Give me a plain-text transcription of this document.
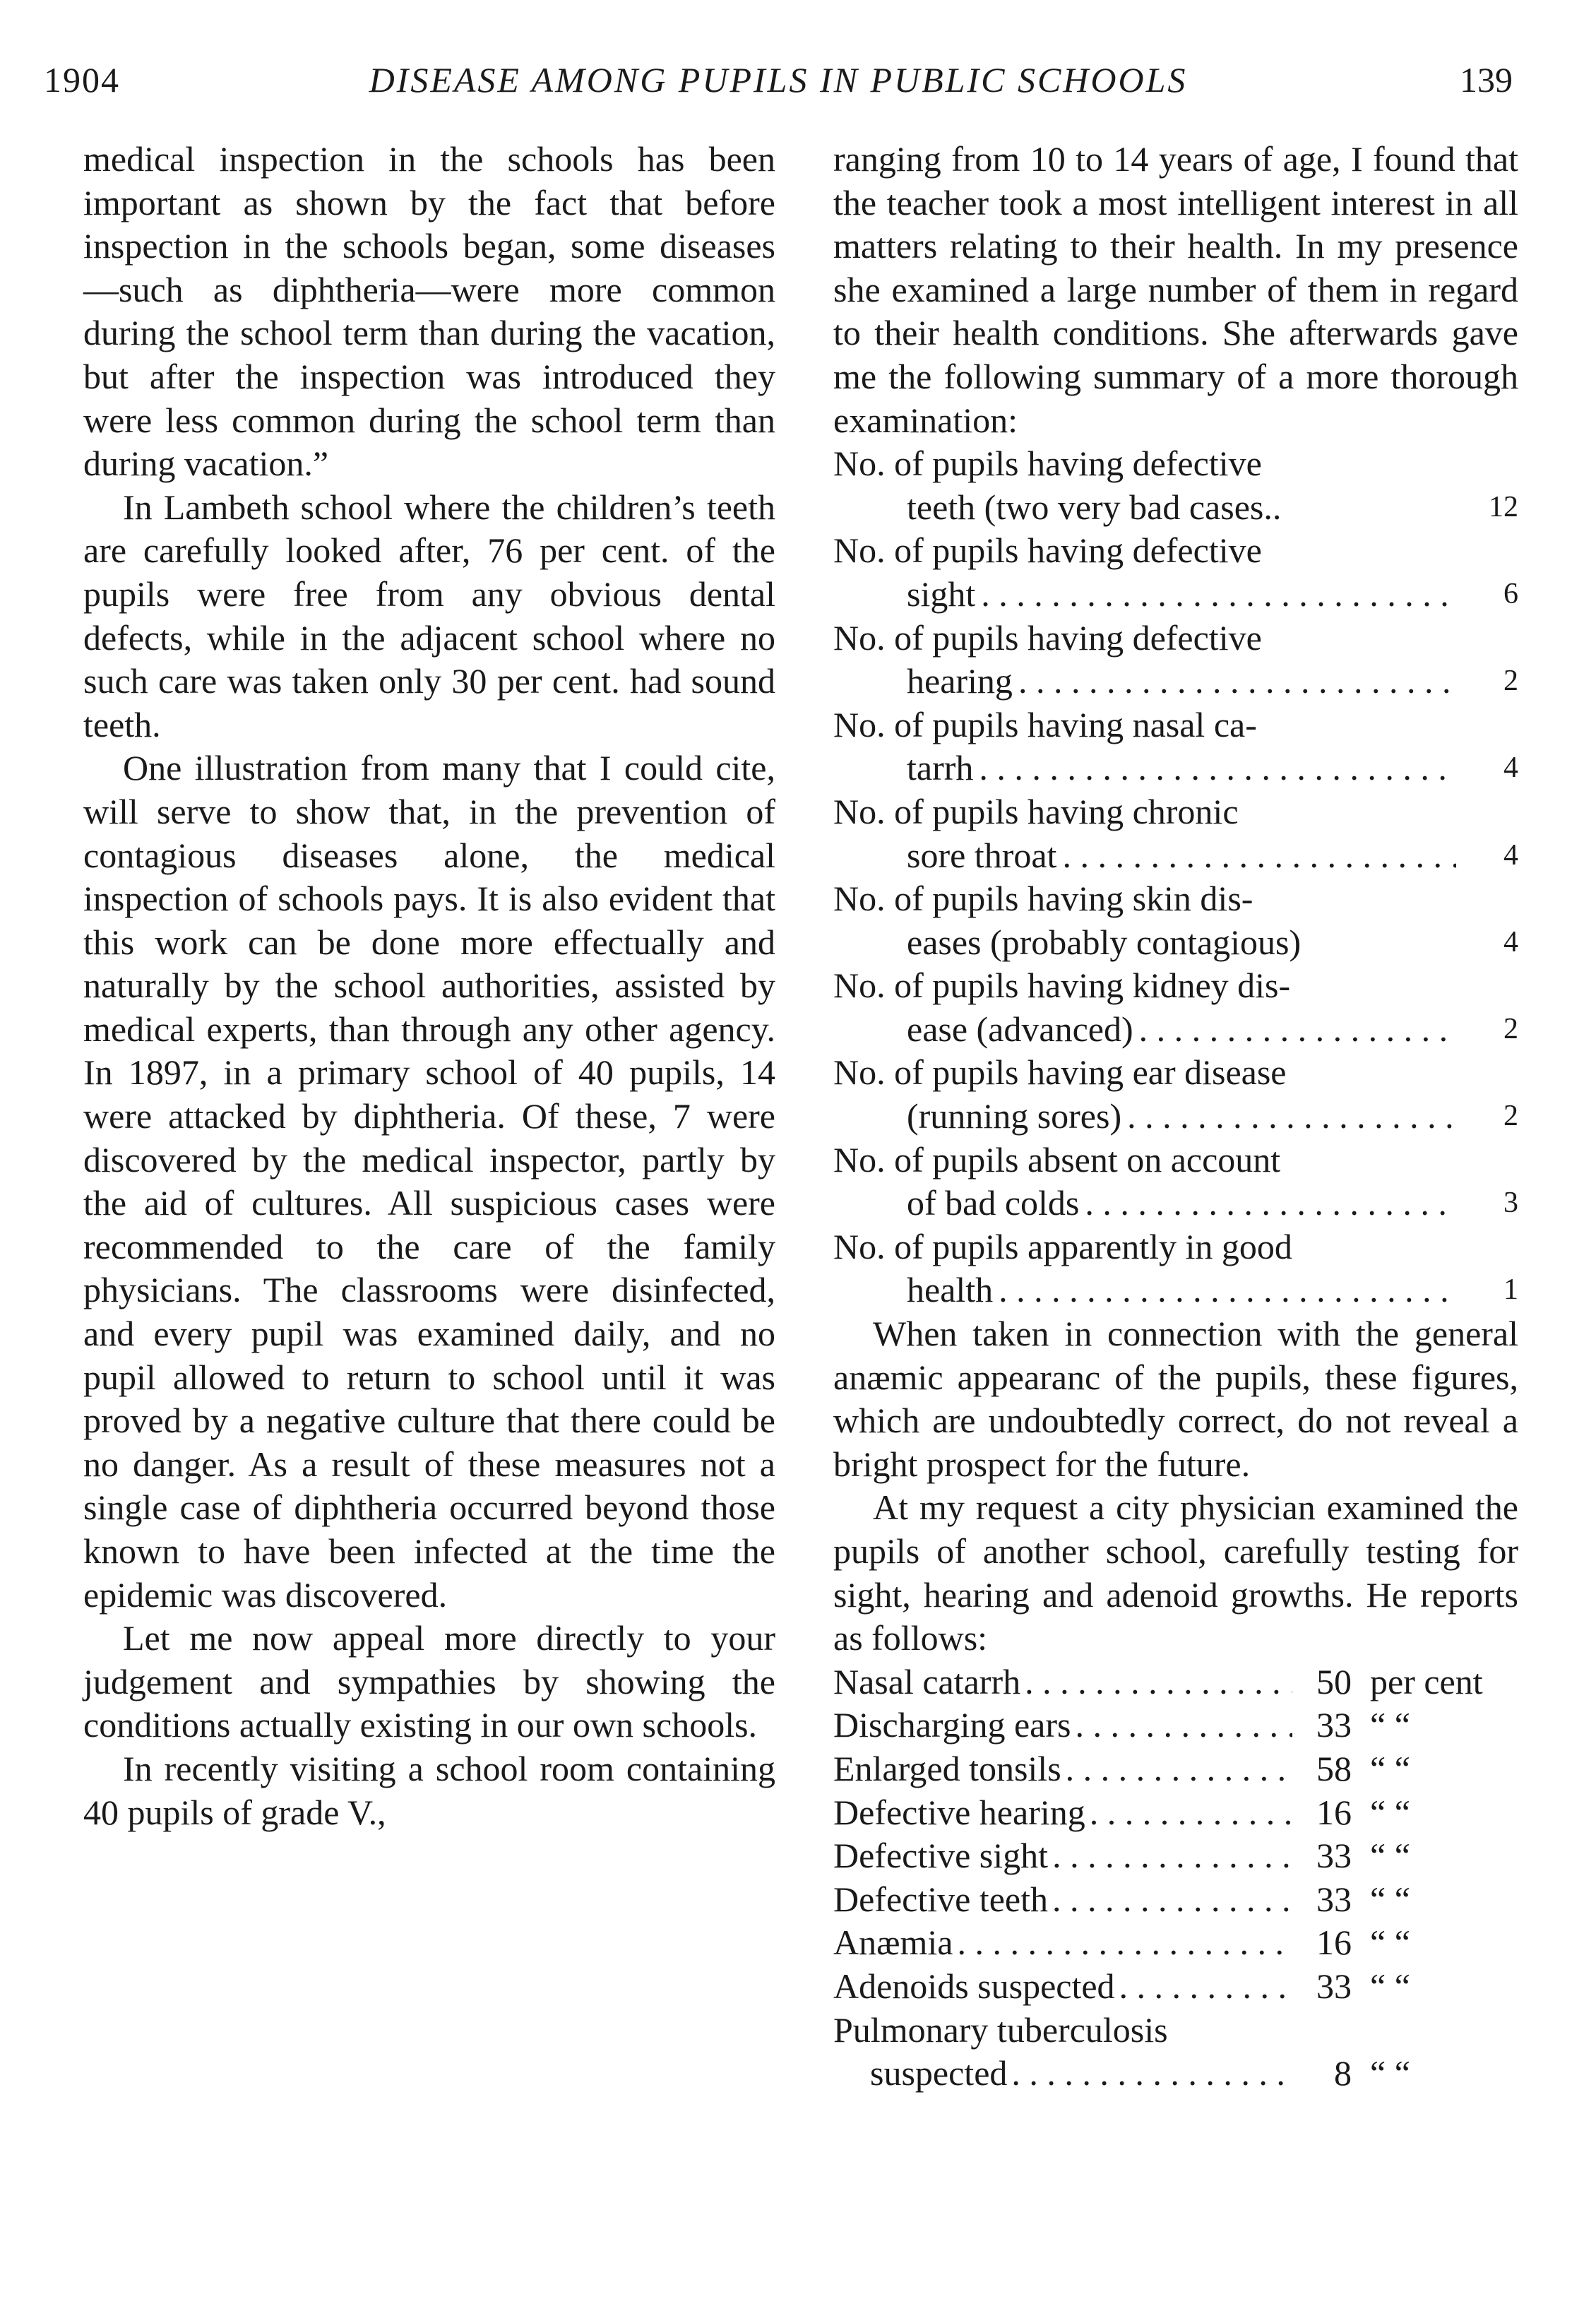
1904	DISEASE AMONG PUPILS IN PUBLIC SCHOOLS	139

medical inspection in the schools has been important as shown by the fact that before inspection in the schools began, some diseases—such as diphtheria—were more common during the school term than during the vacation, but after the inspection was introduced they were less common during the school term than during vacation.”

In Lambeth school where the children’s teeth are carefully looked after, 76 per cent. of the pupils were free from any obvious dental defects, while in the adjacent school where no such care was taken only 30 per cent. had sound teeth.

One illustration from many that I could cite, will serve to show that, in the prevention of contagious diseases alone, the medical inspection of schools pays. It is also evident that this work can be done more effectually and naturally by the school authorities, assisted by medical experts, than through any other agency. In 1897, in a primary school of 40 pupils, 14 were attacked by diphtheria. Of these, 7 were discovered by the medical inspector, partly by the aid of cultures. All suspicious cases were recommended to the care of the family physicians. The classrooms were disinfected, and every pupil was examined daily, and no pupil allowed to return to school until it was proved by a negative culture that there could be no danger. As a result of these measures not a single case of diphtheria occurred beyond those known to have been infected at the time the epidemic was discovered.

Let me now appeal more directly to your judgement and sympathies by showing the conditions actually existing in our own schools.

In recently visiting a school room containing 40 pupils of grade V.,

ranging from 10 to 14 years of age, I found that the teacher took a most intelligent interest in all matters relating to their health. In my presence she examined a large number of them in regard to their health conditions. She afterwards gave me the following summary of a more thorough examination:

No. of pupils having defective
teeth (two very bad cases..	12
No. of pupils having defective
sight . . .	6
No. of pupils having defective
hearing . . .	2
No. of pupils having nasal ca-
tarrh . . .	4
No. of pupils having chronic
sore throat . . .	4
No. of pupils having skin dis-
eases (probably contagious)	4
No. of pupils having kidney dis-
ease (advanced) . . .	2
No. of pupils having ear disease
(running sores) . . .	2
No. of pupils absent on account
of bad colds . . .	3
No. of pupils apparently in good
health . . .	1

When taken in connection with the general anæmic appearanc of the pupils, these figures, which are undoubtedly correct, do not reveal a bright prospect for the future.

At my request a city physician examined the pupils of another school, carefully testing for sight, hearing and adenoid growths. He reports as follows:

Nasal catarrh . . .	50 per cent
Discharging ears . . .	33 “ “
Enlarged tonsils . . .	58 “ “
Defective hearing . . .	16 “ “
Defective sight . . .	33 “ “
Defective teeth . . .	33 “ “
Anæmia . . .	16 “ “
Adenoids suspected . . .	33 “ “
Pulmonary tuberculosis
suspected . . .	8 “ “
